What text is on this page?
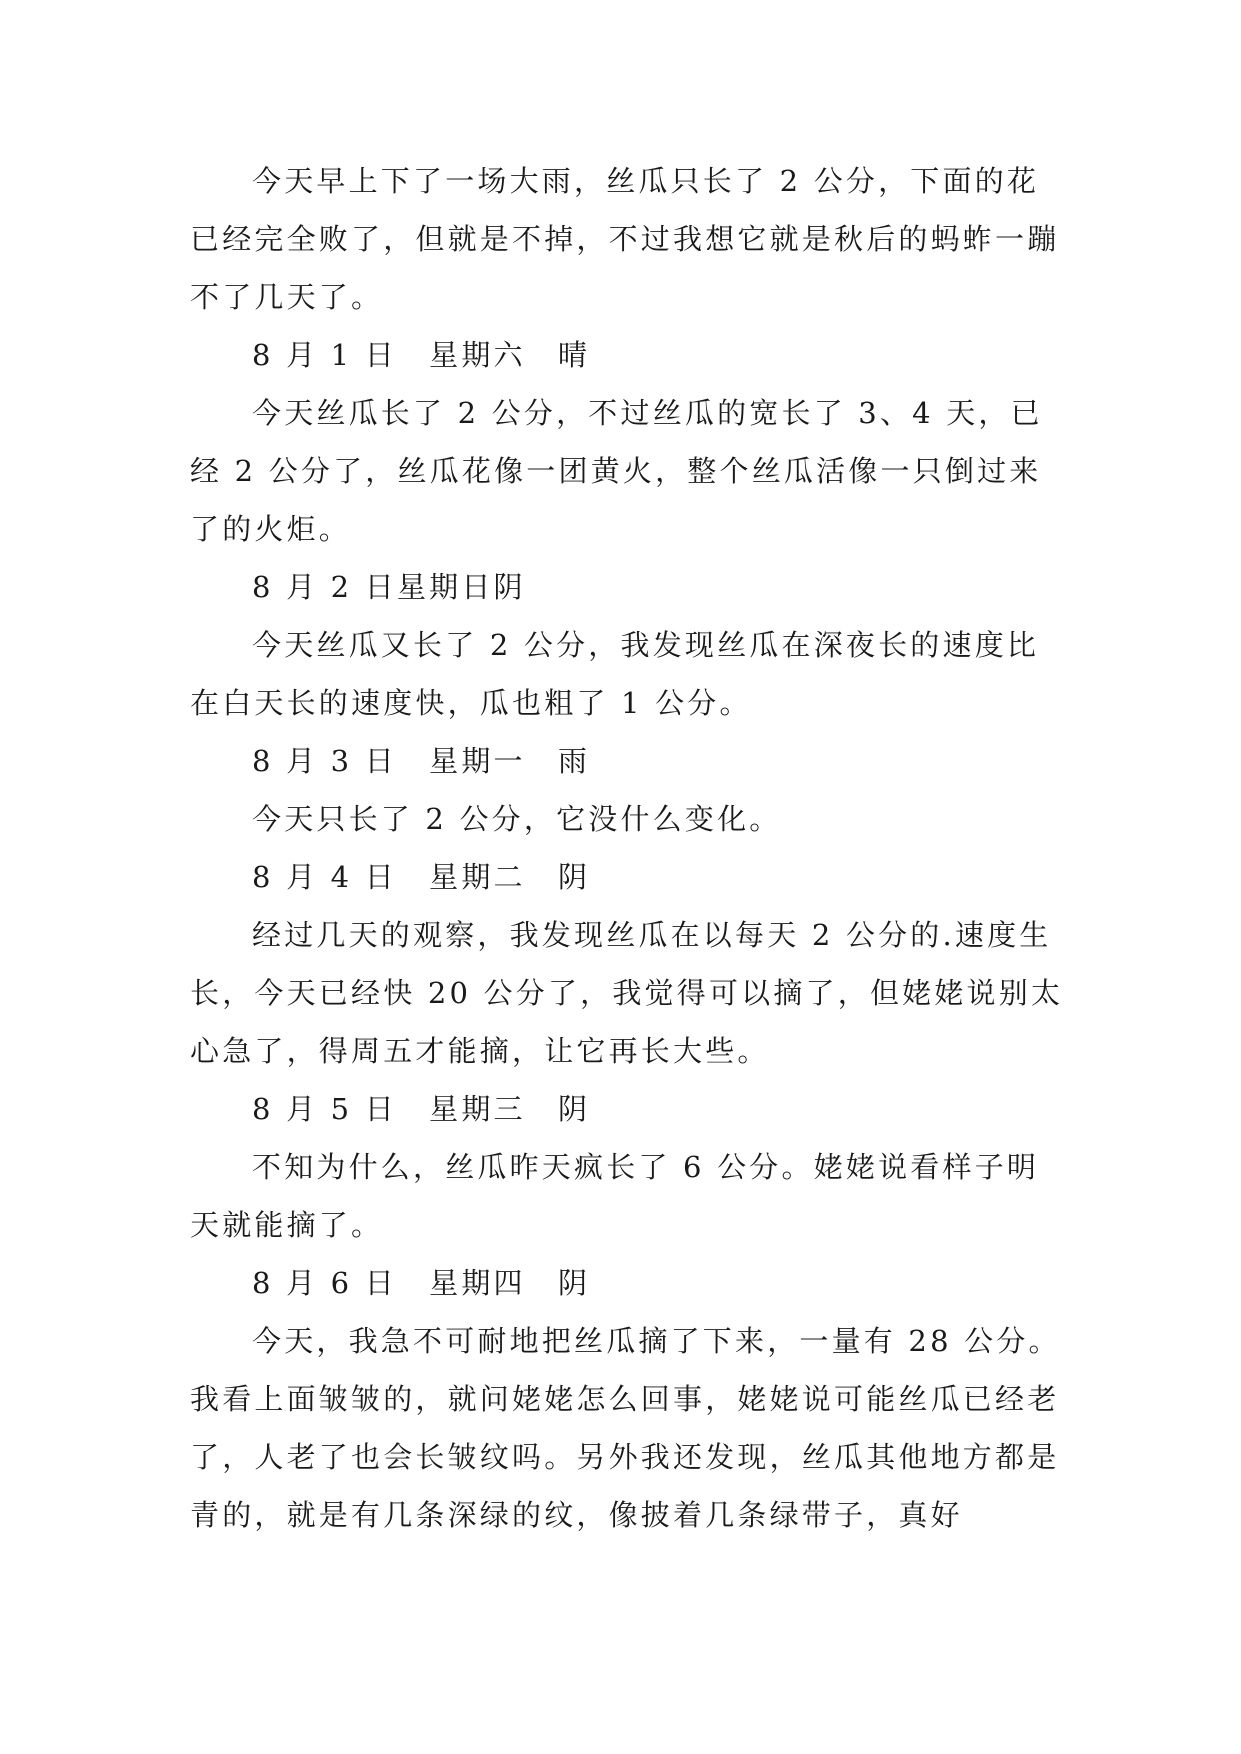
今天早上下了一场大雨，丝瓜只长了 2 公分，下面的花已经完全败了，但就是不掉，不过我想它就是秋后的蚂蚱一蹦不了几天了。

8 月 1 日　星期六　晴

今天丝瓜长了 2 公分，不过丝瓜的宽长了 3、4 天，已经 2 公分了，丝瓜花像一团黄火，整个丝瓜活像一只倒过来了的火炬。

8 月 2 日星期日阴

今天丝瓜又长了 2 公分，我发现丝瓜在深夜长的速度比在白天长的速度快，瓜也粗了 1 公分。

8 月 3 日　星期一　雨

今天只长了 2 公分，它没什么变化。

8 月 4 日　星期二　阴

经过几天的观察，我发现丝瓜在以每天 2 公分的.速度生长，今天已经快 20 公分了，我觉得可以摘了，但姥姥说别太心急了，得周五才能摘，让它再长大些。

8 月 5 日　星期三　阴

不知为什么，丝瓜昨天疯长了 6 公分。姥姥说看样子明天就能摘了。

8 月 6 日　星期四　阴

今天，我急不可耐地把丝瓜摘了下来，一量有 28 公分。我看上面皱皱的，就问姥姥怎么回事，姥姥说可能丝瓜已经老了，人老了也会长皱纹吗。另外我还发现，丝瓜其他地方都是青的，就是有几条深绿的纹，像披着几条绿带子，真好
